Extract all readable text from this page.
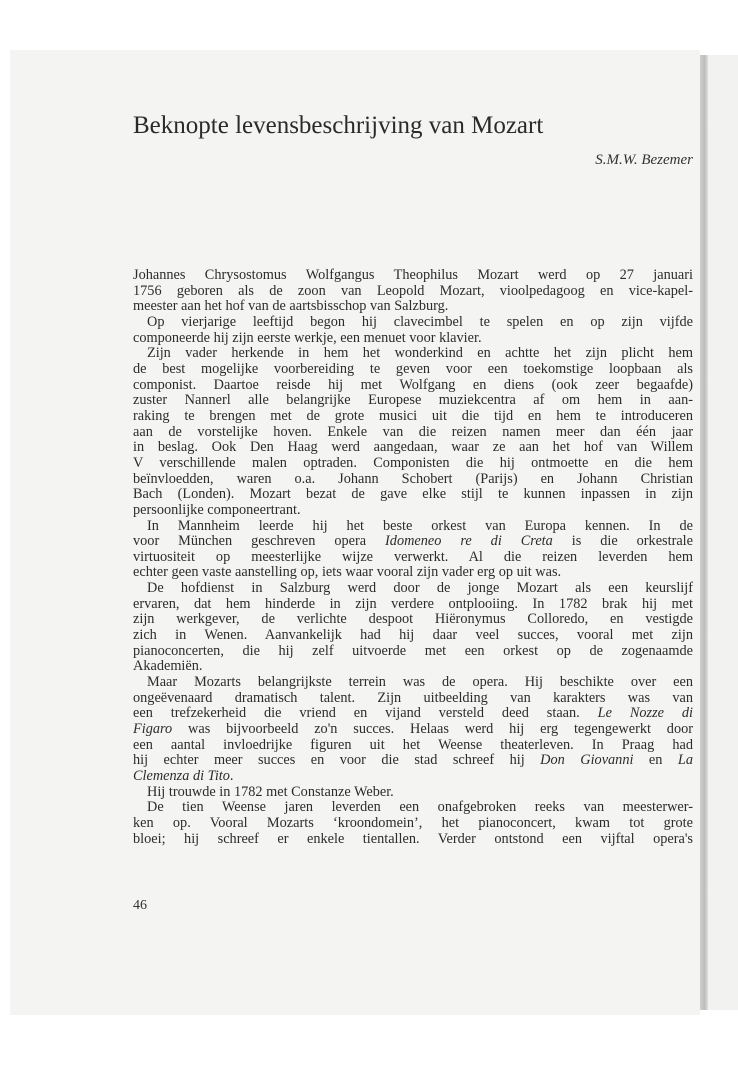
Beknopte levensbeschrijving van Mozart
S.M.W. Bezemer
Johannes Chrysostomus Wolfgangus Theophilus Mozart werd op 27 januari
1756 geboren als de zoon van Leopold Mozart, vioolpedagoog en vice-kapel-
meester aan het hof van de aartsbisschop van Salzburg.
Op vierjarige leeftijd begon hij clavecimbel te spelen en op zijn vijfde
componeerde hij zijn eerste werkje, een menuet voor klavier.
Zijn vader herkende in hem het wonderkind en achtte het zijn plicht hem
de best mogelijke voorbereiding te geven voor een toekomstige loopbaan als
componist. Daartoe reisde hij met Wolfgang en diens (ook zeer begaafde)
zuster Nannerl alle belangrijke Europese muziekcentra af om hem in aan-
raking te brengen met de grote musici uit die tijd en hem te introduceren
aan de vorstelijke hoven. Enkele van die reizen namen meer dan één jaar
in beslag. Ook Den Haag werd aangedaan, waar ze aan het hof van Willem
V verschillende malen optraden. Componisten die hij ontmoette en die hem
beïnvloedden, waren o.a. Johann Schobert (Parijs) en Johann Christian
Bach (Londen). Mozart bezat de gave elke stijl te kunnen inpassen in zijn
persoonlijke componeertrant.
In Mannheim leerde hij het beste orkest van Europa kennen. In de
voor München geschreven opera Idomeneo re di Creta is die orkestrale
virtuositeit op meesterlijke wijze verwerkt. Al die reizen leverden hem
echter geen vaste aanstelling op, iets waar vooral zijn vader erg op uit was.
De hofdienst in Salzburg werd door de jonge Mozart als een keurslijf
ervaren, dat hem hinderde in zijn verdere ontplooiing. In 1782 brak hij met
zijn werkgever, de verlichte despoot Hiëronymus Colloredo, en vestigde
zich in Wenen. Aanvankelijk had hij daar veel succes, vooral met zijn
pianoconcerten, die hij zelf uitvoerde met een orkest op de zogenaamde
Akademiën.
Maar Mozarts belangrijkste terrein was de opera. Hij beschikte over een
ongeëvenaard dramatisch talent. Zijn uitbeelding van karakters was van
een trefzekerheid die vriend en vijand versteld deed staan. Le Nozze di
Figaro was bijvoorbeeld zo'n succes. Helaas werd hij erg tegengewerkt door
een aantal invloedrijke figuren uit het Weense theaterleven. In Praag had
hij echter meer succes en voor die stad schreef hij Don Giovanni en La
Clemenza di Tito.
Hij trouwde in 1782 met Constanze Weber.
De tien Weense jaren leverden een onafgebroken reeks van meesterwer-
ken op. Vooral Mozarts ‘kroondomein’, het pianoconcert, kwam tot grote
bloei; hij schreef er enkele tientallen. Verder ontstond een vijftal opera's
46
